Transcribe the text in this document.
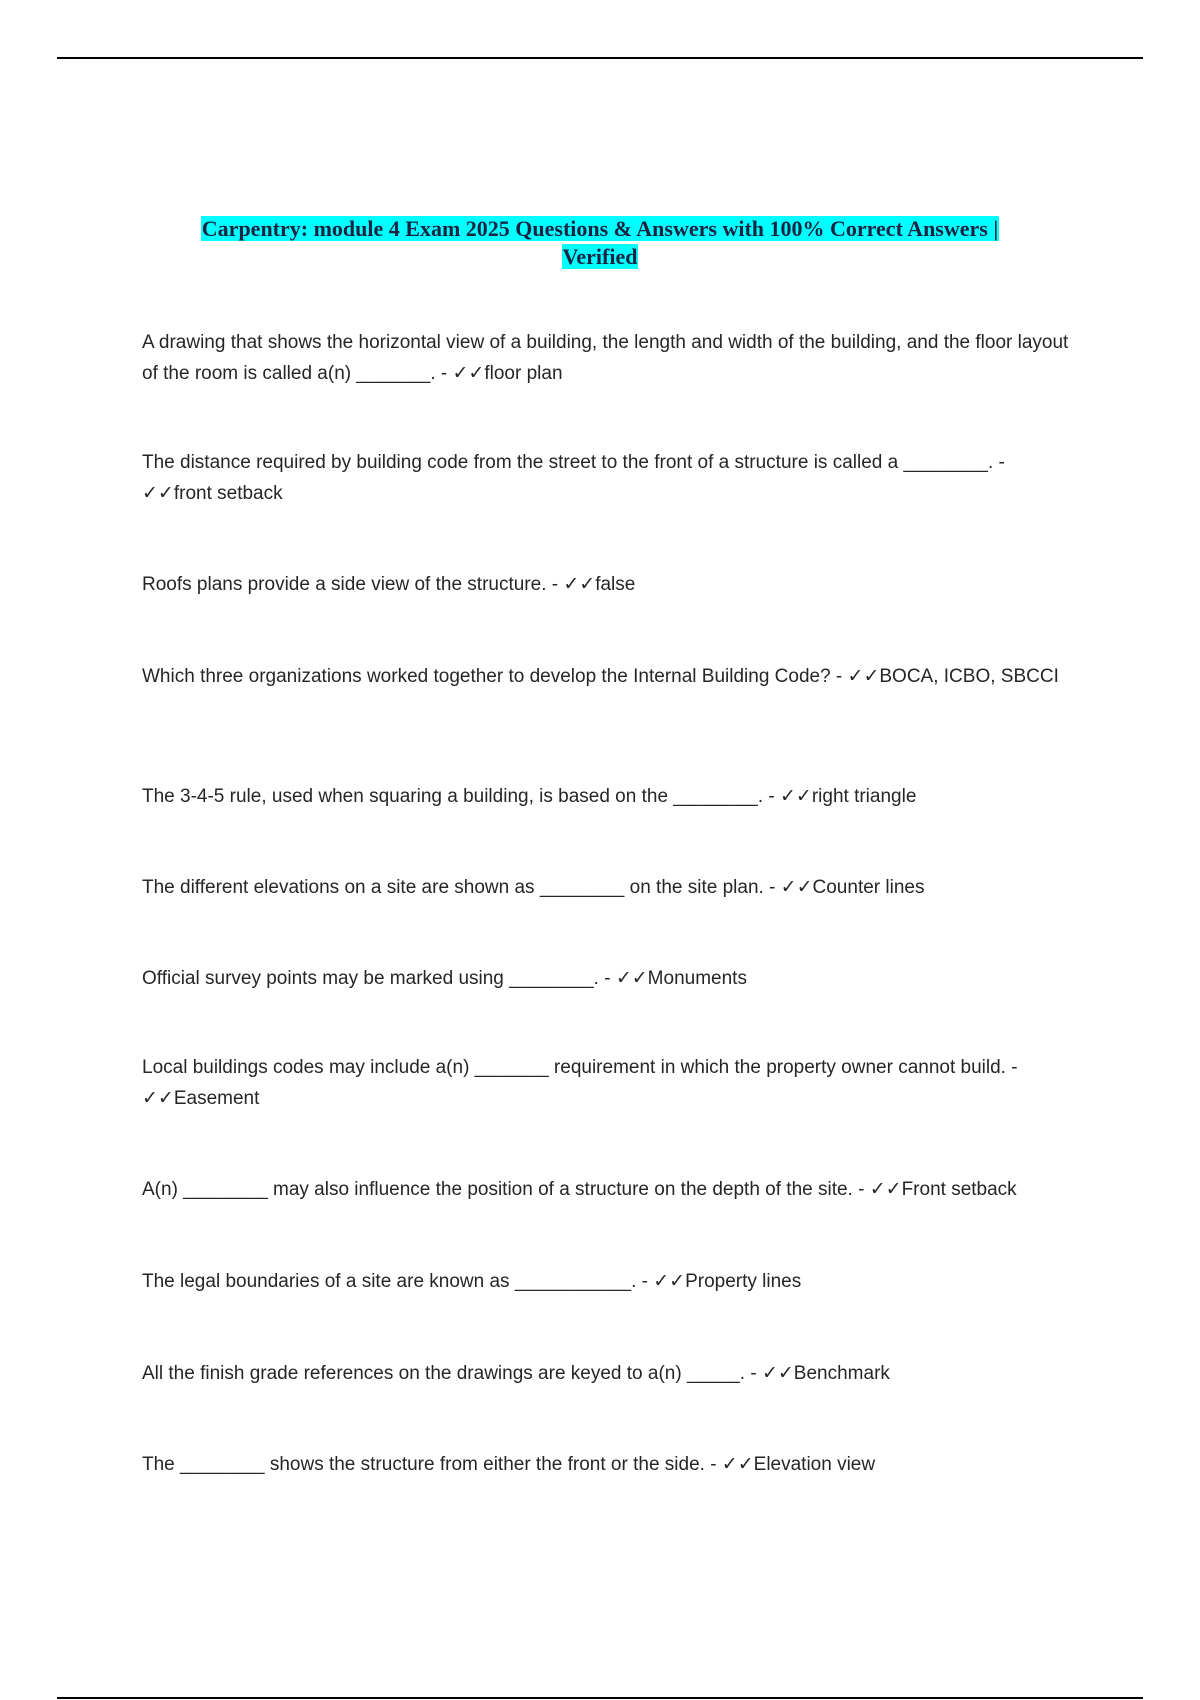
Carpentry: module 4 Exam 2025 Questions & Answers with 100% Correct Answers |
Verified
A drawing that shows the horizontal view of a building, the length and width of the building, and the floor layout of the room is called a(n) _______. - ✓✓floor plan
The distance required by building code from the street to the front of a structure is called a ________. - ✓✓front setback
Roofs plans provide a side view of the structure. - ✓✓false
Which three organizations worked together to develop the Internal Building Code? - ✓✓BOCA, ICBO, SBCCI
The 3-4-5 rule, used when squaring a building, is based on the ________. - ✓✓right triangle
The different elevations on a site are shown as ________ on the site plan. - ✓✓Counter lines
Official survey points may be marked using ________. - ✓✓Monuments
Local buildings codes may include a(n) _______ requirement in which the property owner cannot build. - ✓✓Easement
A(n) ________ may also influence the position of a structure on the depth of the site. - ✓✓Front setback
The legal boundaries of a site are known as ___________. - ✓✓Property lines
All the finish grade references on the drawings are keyed to a(n) _____. - ✓✓Benchmark
The ________ shows the structure from either the front or the side. - ✓✓Elevation view
